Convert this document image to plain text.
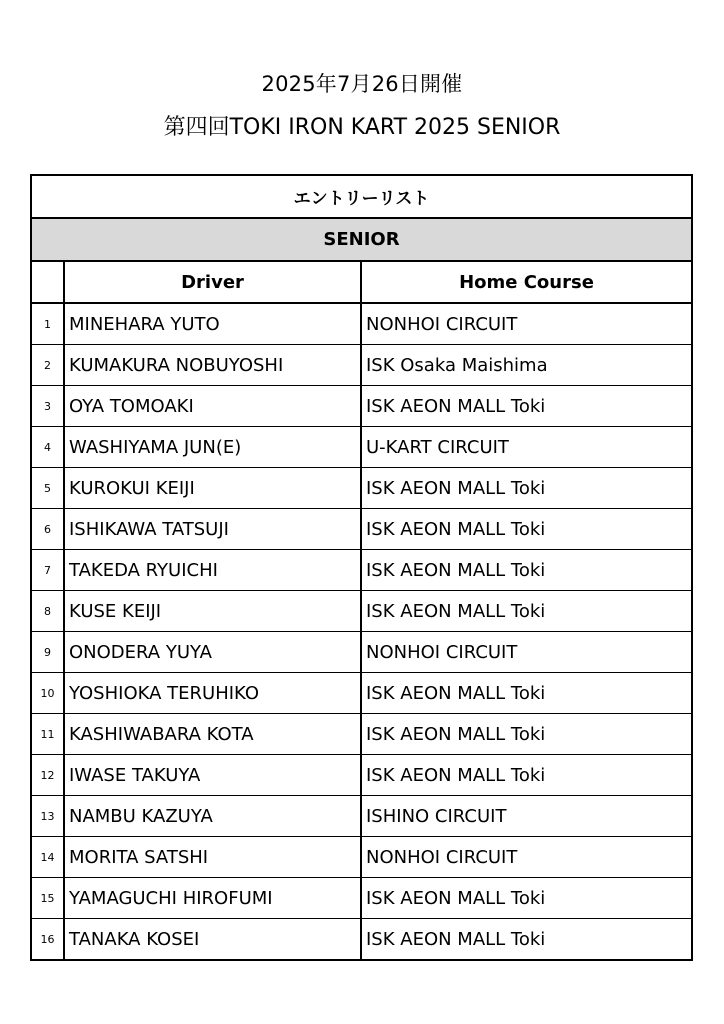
2025年7月26日開催
第四回TOKI IRON KART 2025 SENIOR
エントリーリスト
SENIOR
	Driver	Home Course
1	MINEHARA YUTO	NONHOI CIRCUIT
2	KUMAKURA NOBUYOSHI	ISK Osaka Maishima
3	OYA TOMOAKI	ISK AEON MALL Toki
4	WASHIYAMA JUN(E)	U-KART CIRCUIT
5	KUROKUI KEIJI	ISK AEON MALL Toki
6	ISHIKAWA TATSUJI	ISK AEON MALL Toki
7	TAKEDA RYUICHI	ISK AEON MALL Toki
8	KUSE KEIJI	ISK AEON MALL Toki
9	ONODERA YUYA	NONHOI CIRCUIT
10	YOSHIOKA TERUHIKO	ISK AEON MALL Toki
11	KASHIWABARA KOTA	ISK AEON MALL Toki
12	IWASE TAKUYA	ISK AEON MALL Toki
13	NAMBU KAZUYA	ISHINO CIRCUIT
14	MORITA SATSHI	NONHOI CIRCUIT
15	YAMAGUCHI HIROFUMI	ISK AEON MALL Toki
16	TANAKA KOSEI	ISK AEON MALL Toki
